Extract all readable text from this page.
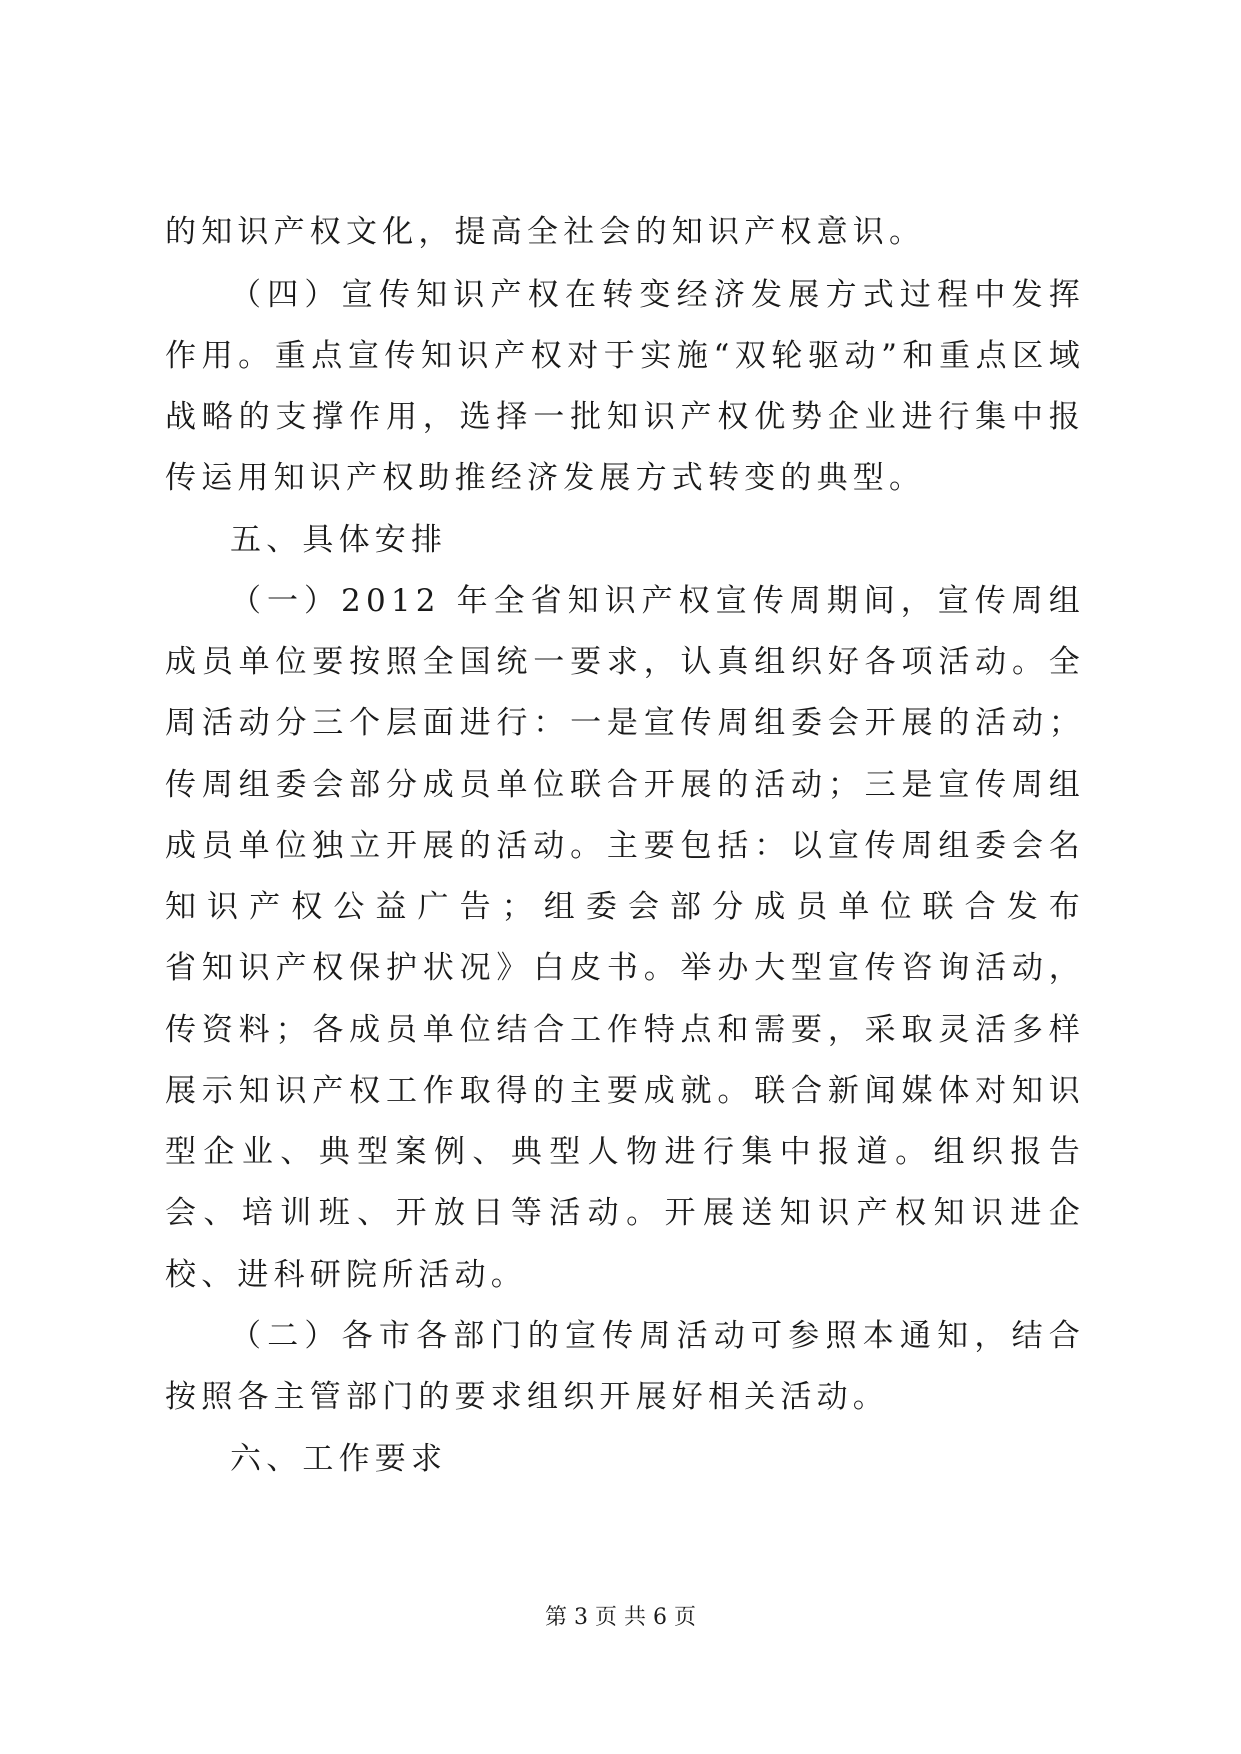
的知识产权文化，提高全社会的知识产权意识。
（四）宣传知识产权在转变经济发展方式过程中发挥
作用。重点宣传知识产权对于实施“双轮驱动”和重点区域
战略的支撑作用，选择一批知识产权优势企业进行集中报
传运用知识产权助推经济发展方式转变的典型。
五、具体安排
（一）2012 年全省知识产权宣传周期间，宣传周组
成员单位要按照全国统一要求，认真组织好各项活动。全
周活动分三个层面进行：一是宣传周组委会开展的活动；
传周组委会部分成员单位联合开展的活动；三是宣传周组
成员单位独立开展的活动。主要包括：以宣传周组委会名
知识产权公益广告；组委会部分成员单位联合发布
省知识产权保护状况》白皮书。举办大型宣传咨询活动，
传资料；各成员单位结合工作特点和需要，采取灵活多样
展示知识产权工作取得的主要成就。联合新闻媒体对知识
型企业、典型案例、典型人物进行集中报道。组织报告
会、培训班、开放日等活动。开展送知识产权知识进企
校、进科研院所活动。
（二）各市各部门的宣传周活动可参照本通知，结合
按照各主管部门的要求组织开展好相关活动。
六、工作要求
第 3 页 共 6 页
